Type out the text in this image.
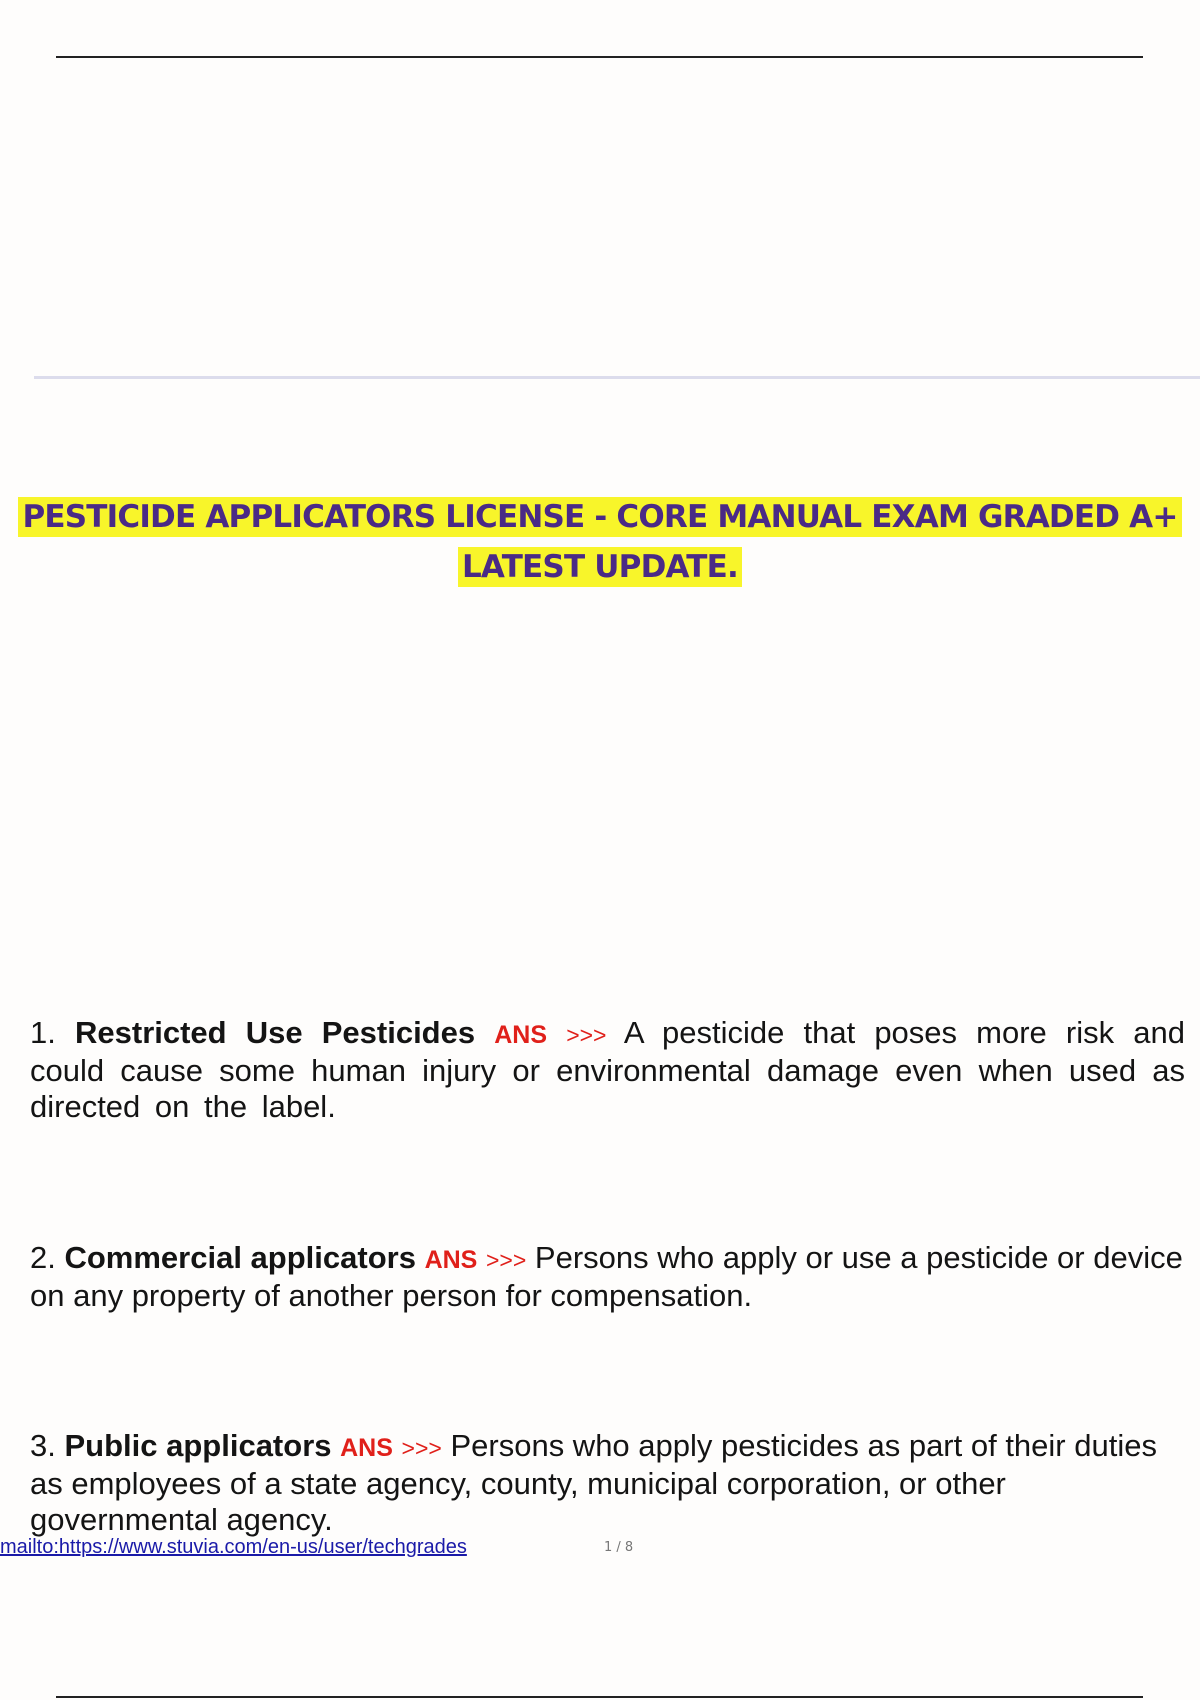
PESTICIDE APPLICATORS LICENSE - CORE MANUAL EXAM GRADED A+
LATEST UPDATE.
1. Restricted Use Pesticides ANS >>> A pesticide that poses more risk and could cause some human injury or environmental damage even when used as directed on the label.
2. Commercial applicators ANS >>> Persons who apply or use a pesticide or device on any property of another person for compensation.
3. Public applicators ANS >>> Persons who apply pesticides as part of their duties as employees of a state agency, county, municipal corporation, or other governmental agency.
mailto:https://www.stuvia.com/en-us/user/techgrades	1 / 8
